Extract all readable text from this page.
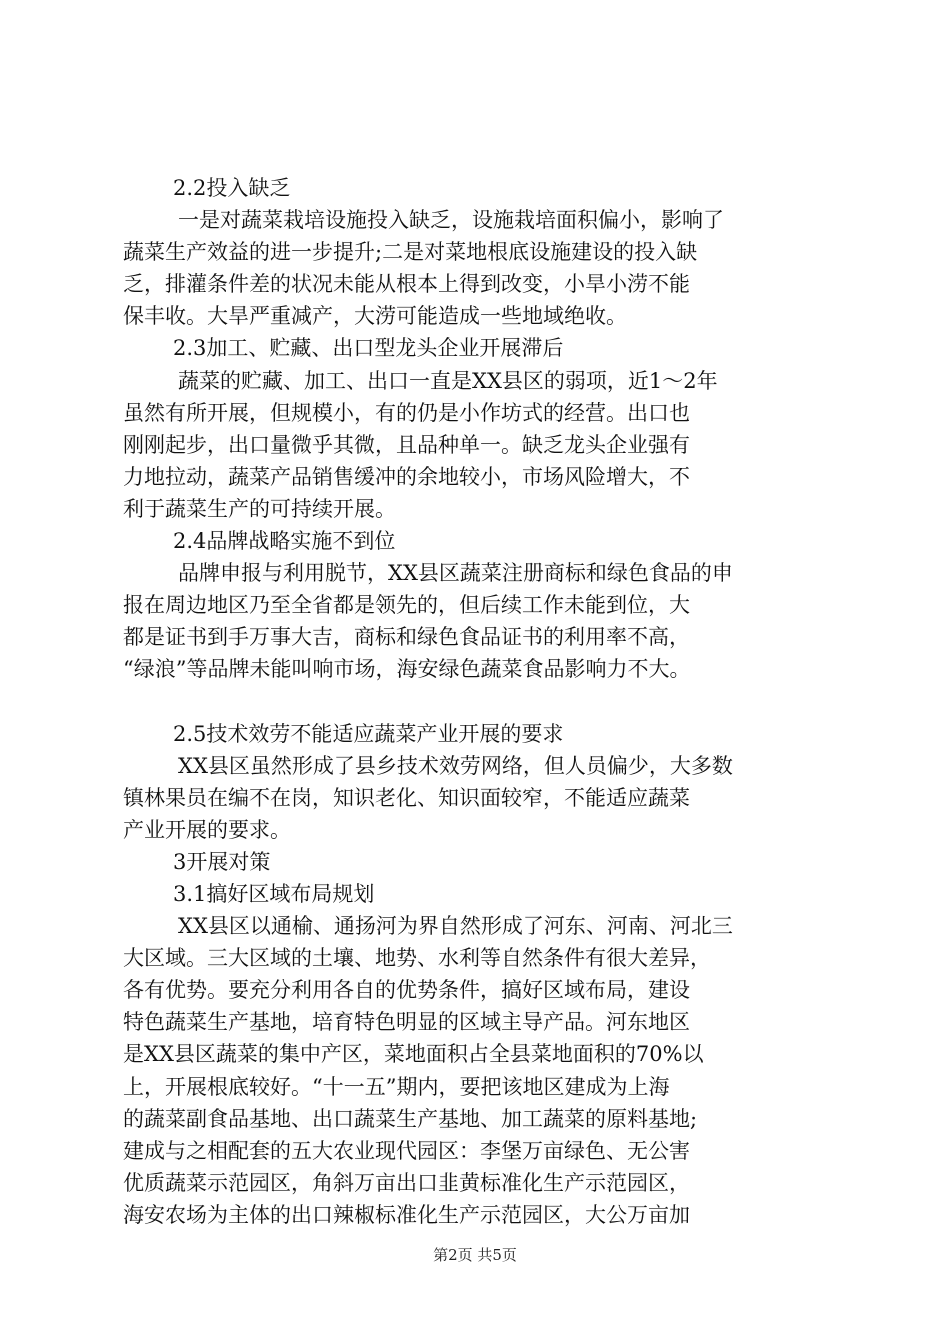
2.2投入缺乏
一是对蔬菜栽培设施投入缺乏，设施栽培面积偏小，影响了
蔬菜生产效益的进一步提升;二是对菜地根底设施建设的投入缺
乏，排灌条件差的状况未能从根本上得到改变，小旱小涝不能
保丰收。大旱严重减产，大涝可能造成一些地域绝收。
2.3加工、贮藏、出口型龙头企业开展滞后
蔬菜的贮藏、加工、出口一直是XX县区的弱项，近1～2年
虽然有所开展，但规模小，有的仍是小作坊式的经营。出口也
刚刚起步，出口量微乎其微，且品种单一。缺乏龙头企业强有
力地拉动，蔬菜产品销售缓冲的余地较小，市场风险增大，不
利于蔬菜生产的可持续开展。
2.4品牌战略实施不到位
品牌申报与利用脱节，XX县区蔬菜注册商标和绿色食品的申
报在周边地区乃至全省都是领先的，但后续工作未能到位，大
都是证书到手万事大吉，商标和绿色食品证书的利用率不高，
“绿浪”等品牌未能叫响市场，海安绿色蔬菜食品影响力不大。
2.5技术效劳不能适应蔬菜产业开展的要求
XX县区虽然形成了县乡技术效劳网络，但人员偏少，大多数
镇林果员在编不在岗，知识老化、知识面较窄，不能适应蔬菜
产业开展的要求。
3开展对策
3.1搞好区域布局规划
XX县区以通榆、通扬河为界自然形成了河东、河南、河北三
大区域。三大区域的土壤、地势、水利等自然条件有很大差异，
各有优势。要充分利用各自的优势条件，搞好区域布局，建设
特色蔬菜生产基地，培育特色明显的区域主导产品。河东地区
是XX县区蔬菜的集中产区，菜地面积占全县菜地面积的70%以
上，开展根底较好。“十一五”期内，要把该地区建成为上海
的蔬菜副食品基地、出口蔬菜生产基地、加工蔬菜的原料基地;
建成与之相配套的五大农业现代园区：李堡万亩绿色、无公害
优质蔬菜示范园区，角斜万亩出口韭黄标准化生产示范园区，
海安农场为主体的出口辣椒标准化生产示范园区，大公万亩加
第2页 共5页
